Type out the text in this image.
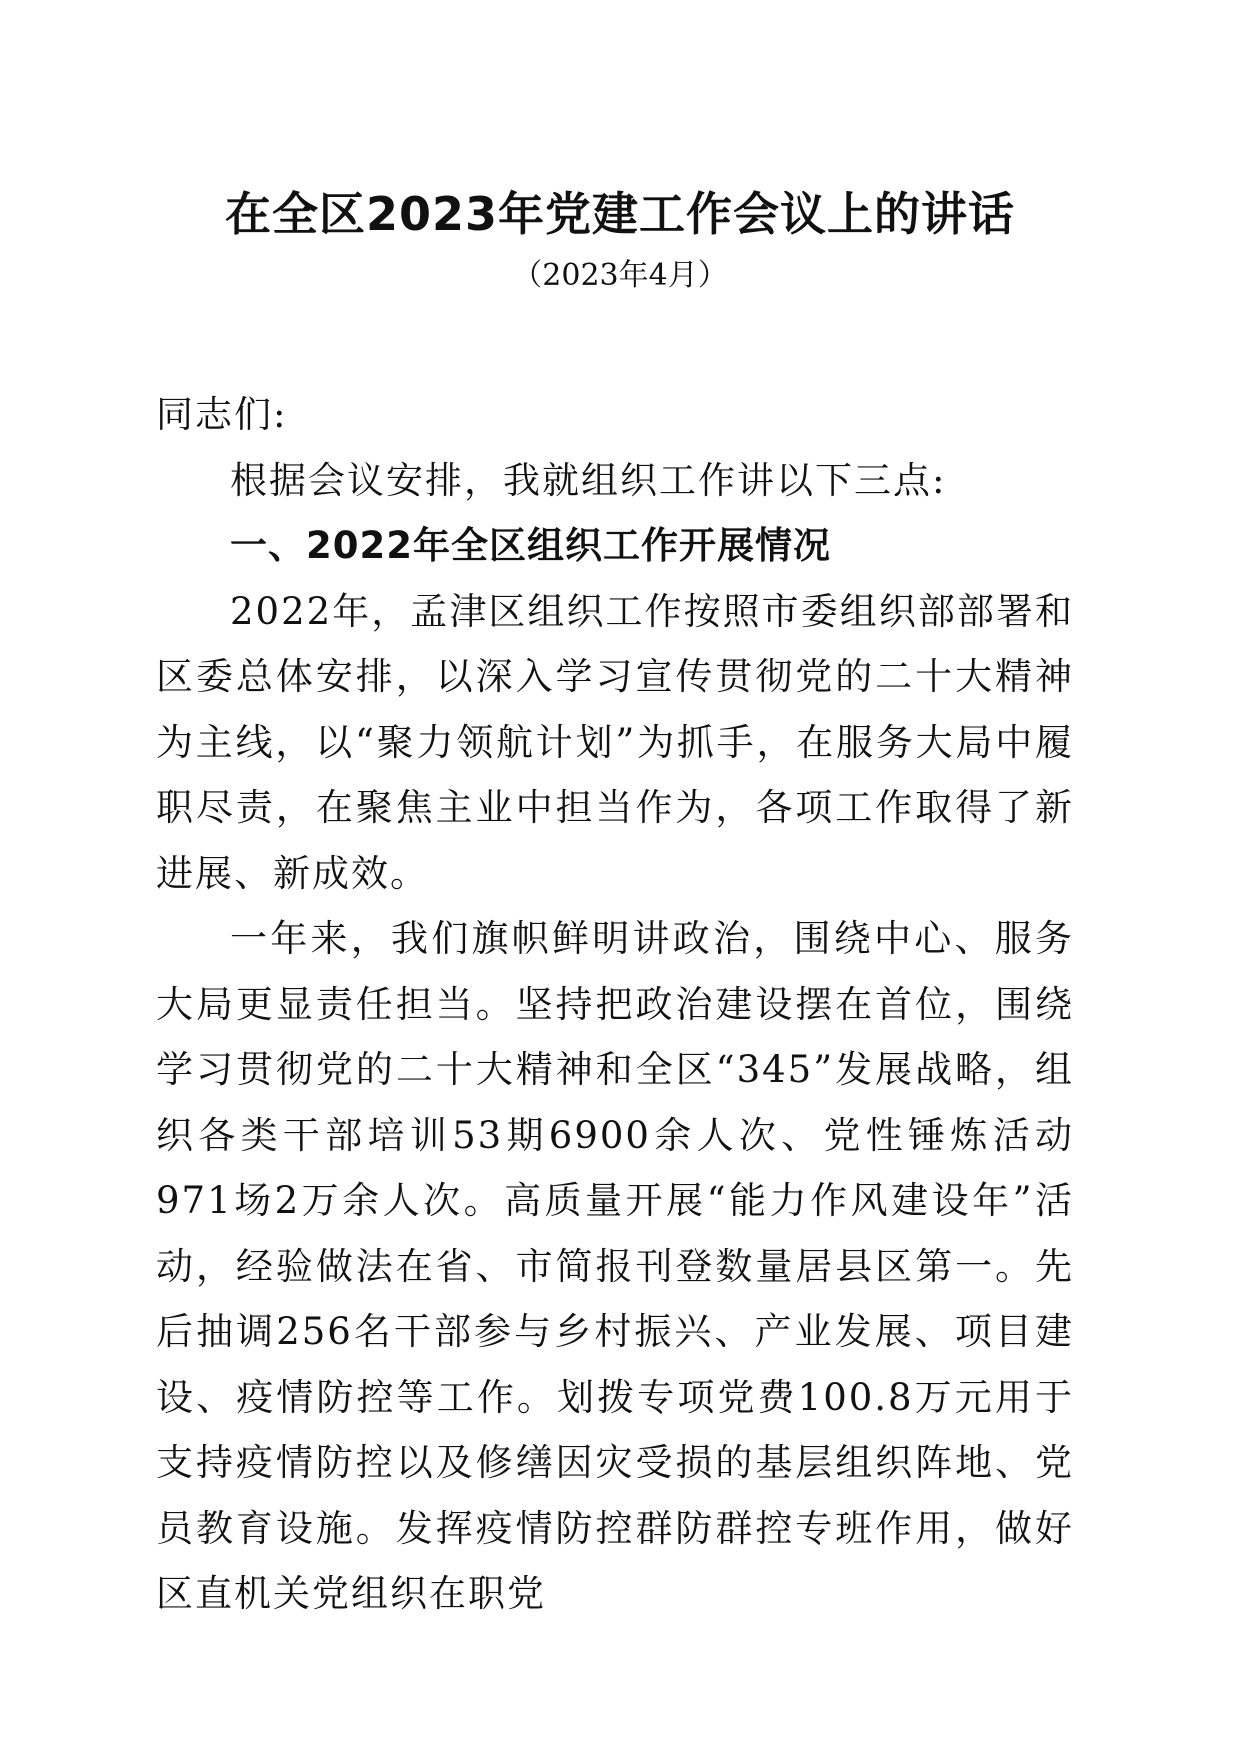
在全区2023年党建工作会议上的讲话
（2023年4月）

同志们:

根据会议安排，我就组织工作讲以下三点:

一、2022年全区组织工作开展情况

2022年，孟津区组织工作按照市委组织部部署和区委总体安排，以深入学习宣传贯彻党的二十大精神为主线，以“聚力领航计划”为抓手，在服务大局中履职尽责，在聚焦主业中担当作为，各项工作取得了新进展、新成效。

一年来，我们旗帜鲜明讲政治，围绕中心、服务大局更显责任担当。坚持把政治建设摆在首位，围绕学习贯彻党的二十大精神和全区“345”发展战略，组织各类干部培训53期6900余人次、党性锤炼活动971场2万余人次。高质量开展“能力作风建设年”活动，经验做法在省、市简报刊登数量居县区第一。先后抽调256名干部参与乡村振兴、产业发展、项目建设、疫情防控等工作。划拨专项党费100.8万元用于支持疫情防控以及修缮因灾受损的基层组织阵地、党员教育设施。发挥疫情防控群防群控专班作用，做好区直机关党组织在职党
